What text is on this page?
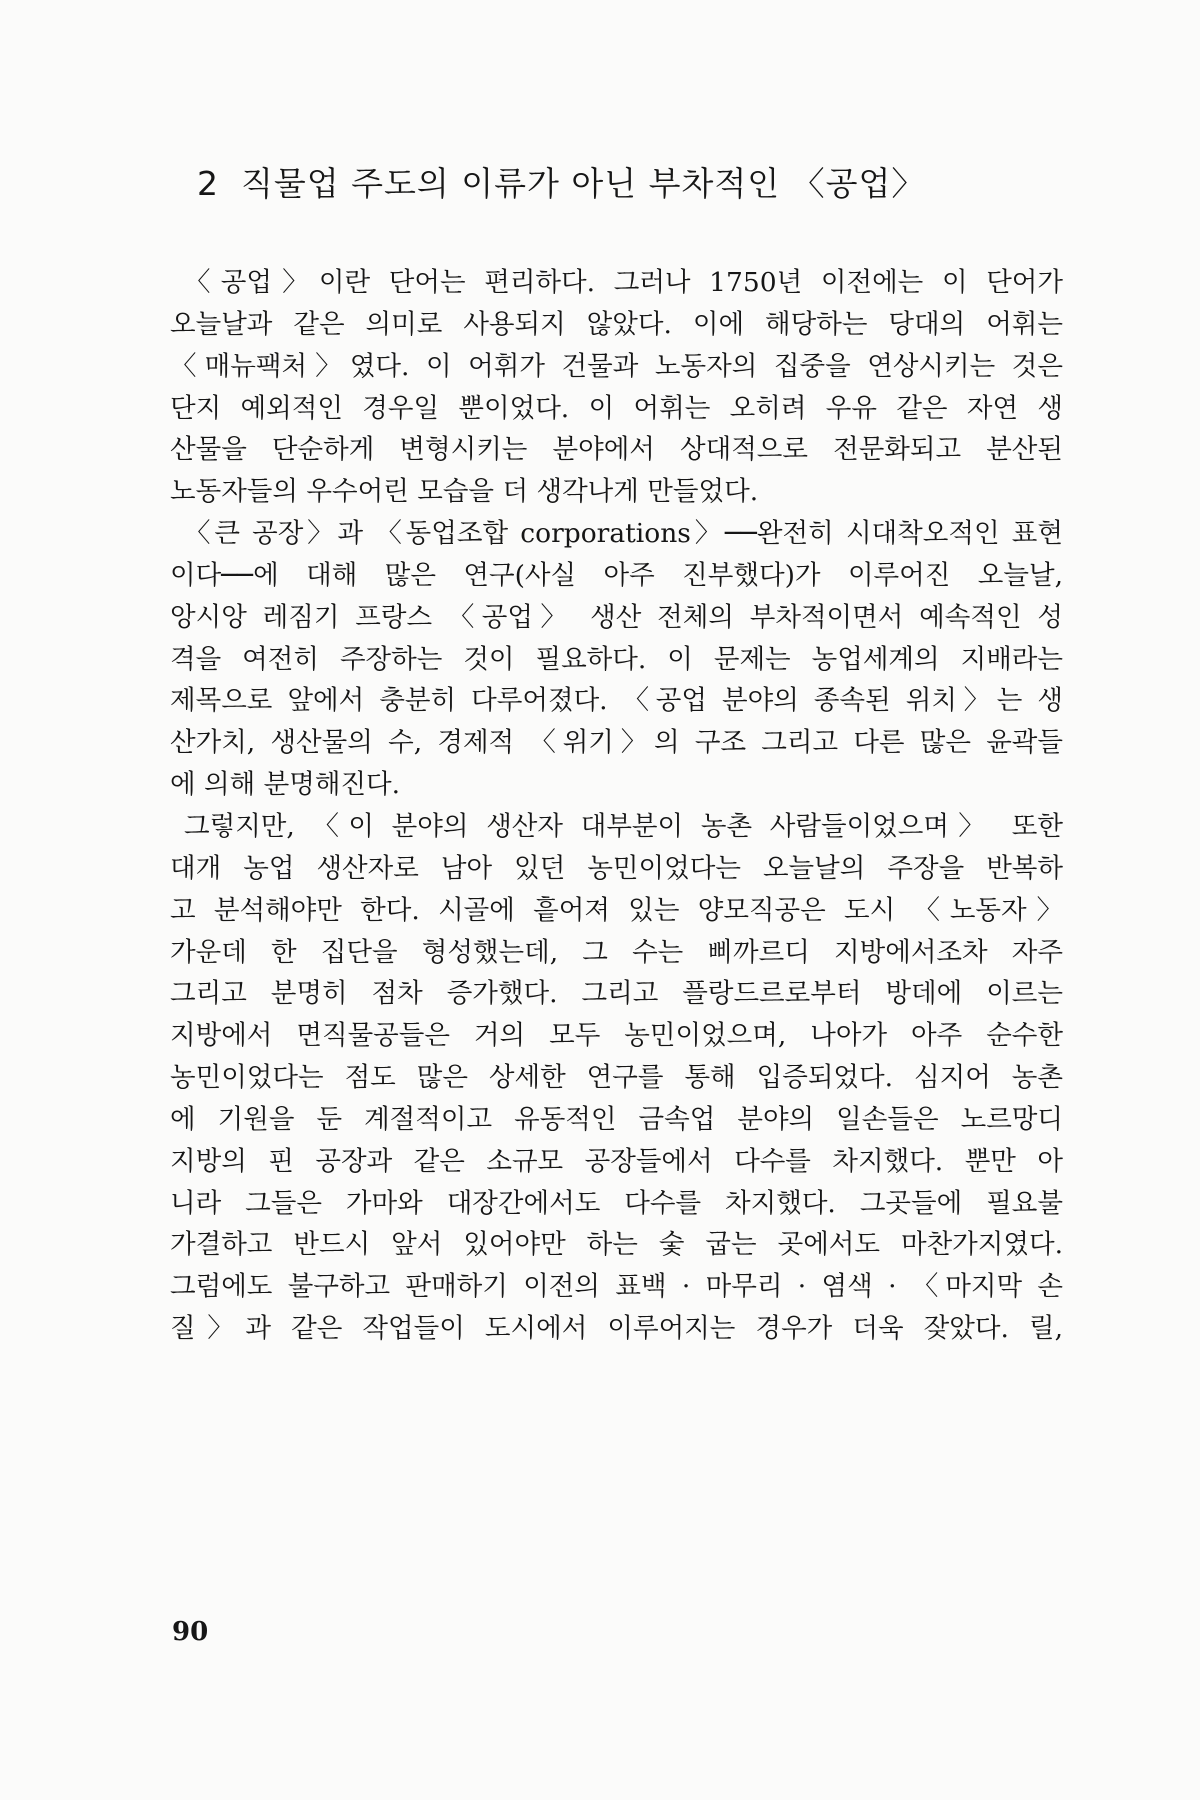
2 직물업 주도의 이류가 아닌 부차적인 〈공업〉
〈공업〉이란 단어는 편리하다. 그러나 1750년 이전에는 이 단어가
오늘날과 같은 의미로 사용되지 않았다. 이에 해당하는 당대의 어휘는
〈매뉴팩처〉였다. 이 어휘가 건물과 노동자의 집중을 연상시키는 것은
단지 예외적인 경우일 뿐이었다. 이 어휘는 오히려 우유 같은 자연 생
산물을 단순하게 변형시키는 분야에서 상대적으로 전문화되고 분산된
노동자들의 우수어린 모습을 더 생각나게 만들었다.
〈큰 공장〉과 〈동업조합 corporations〉──완전히 시대착오적인 표현
이다──에 대해 많은 연구(사실 아주 진부했다)가 이루어진 오늘날,
앙시앙 레짐기 프랑스 〈공업〉 생산 전체의 부차적이면서 예속적인 성
격을 여전히 주장하는 것이 필요하다. 이 문제는 농업세계의 지배라는
제목으로 앞에서 충분히 다루어졌다. 〈공업 분야의 종속된 위치〉는 생
산가치, 생산물의 수, 경제적 〈위기〉의 구조 그리고 다른 많은 윤곽들
에 의해 분명해진다.
그렇지만, 〈이 분야의 생산자 대부분이 농촌 사람들이었으며〉 또한
대개 농업 생산자로 남아 있던 농민이었다는 오늘날의 주장을 반복하
고 분석해야만 한다. 시골에 흩어져 있는 양모직공은 도시 〈노동자〉
가운데 한 집단을 형성했는데, 그 수는 삐까르디 지방에서조차 자주
그리고 분명히 점차 증가했다. 그리고 플랑드르로부터 방데에 이르는
지방에서 면직물공들은 거의 모두 농민이었으며, 나아가 아주 순수한
농민이었다는 점도 많은 상세한 연구를 통해 입증되었다. 심지어 농촌
에 기원을 둔 계절적이고 유동적인 금속업 분야의 일손들은 노르망디
지방의 핀 공장과 같은 소규모 공장들에서 다수를 차지했다. 뿐만 아
니라 그들은 가마와 대장간에서도 다수를 차지했다. 그곳들에 필요불
가결하고 반드시 앞서 있어야만 하는 숯 굽는 곳에서도 마찬가지였다.
그럼에도 불구하고 판매하기 이전의 표백 · 마무리 · 염색 · 〈마지막 손
질〉과 같은 작업들이 도시에서 이루어지는 경우가 더욱 잦았다. 릴,
90
